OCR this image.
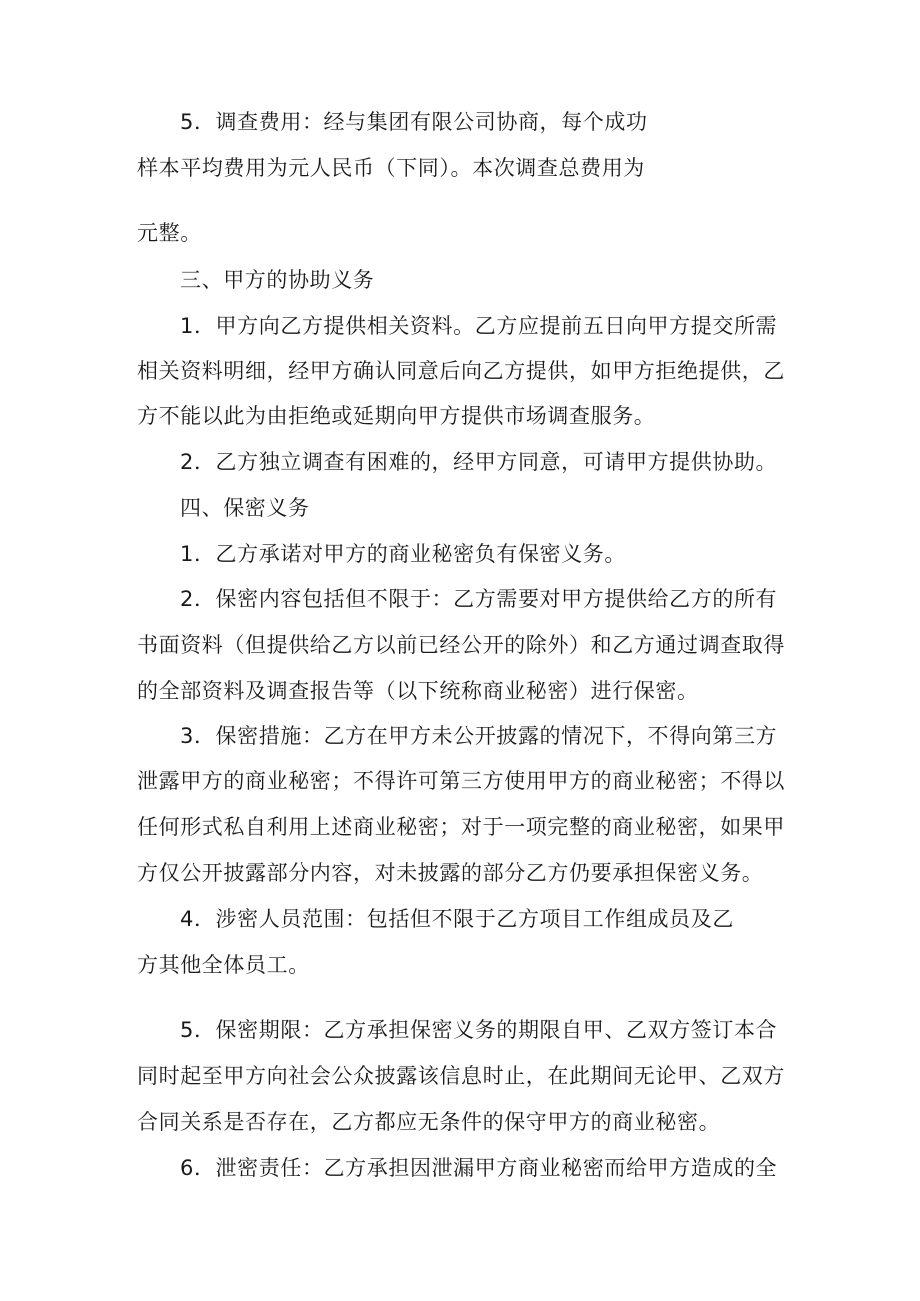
5．调查费用：经与集团有限公司协商，每个成功
样本平均费用为元人民币（下同）。本次调查总费用为
元整。
三、甲方的协助义务
1．甲方向乙方提供相关资料。乙方应提前五日向甲方提交所需
相关资料明细，经甲方确认同意后向乙方提供，如甲方拒绝提供，乙
方不能以此为由拒绝或延期向甲方提供市场调查服务。
2．乙方独立调查有困难的，经甲方同意，可请甲方提供协助。
四、保密义务
1．乙方承诺对甲方的商业秘密负有保密义务。
2．保密内容包括但不限于：乙方需要对甲方提供给乙方的所有
书面资料（但提供给乙方以前已经公开的除外）和乙方通过调查取得
的全部资料及调查报告等（以下统称商业秘密）进行保密。
3．保密措施：乙方在甲方未公开披露的情况下，不得向第三方
泄露甲方的商业秘密；不得许可第三方使用甲方的商业秘密；不得以
任何形式私自利用上述商业秘密；对于一项完整的商业秘密，如果甲
方仅公开披露部分内容，对未披露的部分乙方仍要承担保密义务。
4．涉密人员范围：包括但不限于乙方项目工作组成员及乙
方其他全体员工。
5．保密期限：乙方承担保密义务的期限自甲、乙双方签订本合
同时起至甲方向社会公众披露该信息时止，在此期间无论甲、乙双方
合同关系是否存在，乙方都应无条件的保守甲方的商业秘密。
6．泄密责任：乙方承担因泄漏甲方商业秘密而给甲方造成的全
